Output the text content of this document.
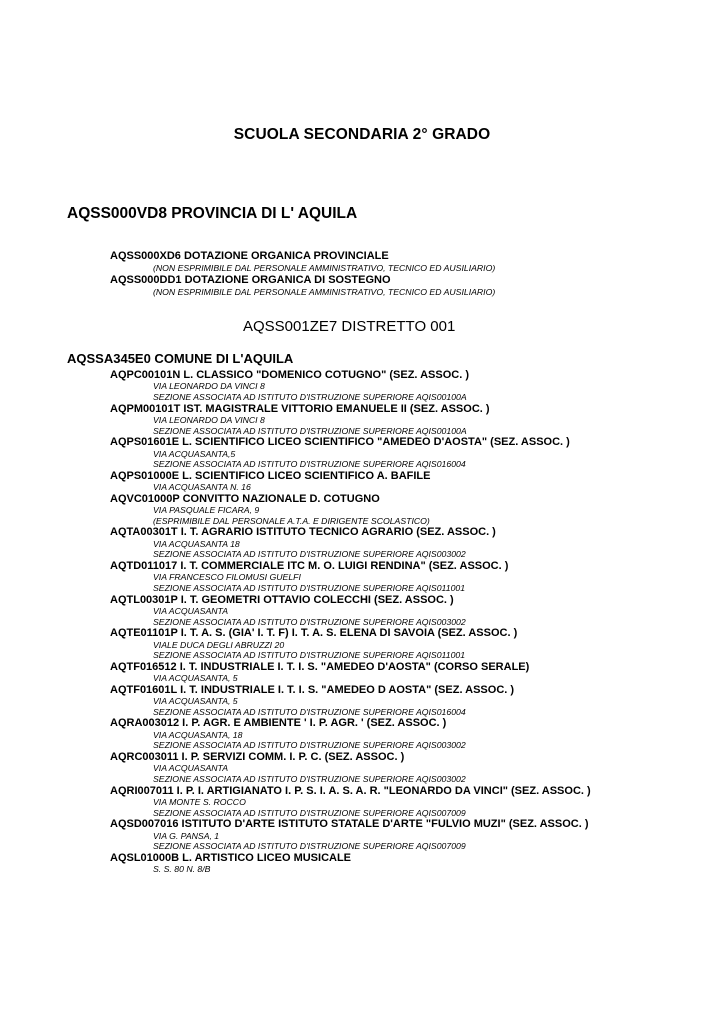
SCUOLA SECONDARIA 2° GRADO
AQSS000VD8 PROVINCIA DI L' AQUILA
AQSS000XD6 DOTAZIONE ORGANICA PROVINCIALE
(NON ESPRIMIBILE DAL PERSONALE AMMINISTRATIVO, TECNICO ED AUSILIARIO)
AQSS000DD1 DOTAZIONE ORGANICA DI SOSTEGNO
(NON ESPRIMIBILE DAL PERSONALE AMMINISTRATIVO, TECNICO ED AUSILIARIO)
AQSS001ZE7 DISTRETTO 001
AQSSA345E0 COMUNE DI L'AQUILA
AQPC00101N L. CLASSICO "DOMENICO COTUGNO" (SEZ. ASSOC. )
VIA LEONARDO DA VINCI 8
SEZIONE ASSOCIATA AD ISTITUTO D'ISTRUZIONE SUPERIORE AQIS00100A
AQPM00101T IST. MAGISTRALE VITTORIO EMANUELE II (SEZ. ASSOC. )
VIA LEONARDO DA VINCI 8
SEZIONE ASSOCIATA AD ISTITUTO D'ISTRUZIONE SUPERIORE AQIS00100A
AQPS01601E L. SCIENTIFICO LICEO SCIENTIFICO "AMEDEO D'AOSTA" (SEZ. ASSOC. )
VIA ACQUASANTA,5
SEZIONE ASSOCIATA AD ISTITUTO D'ISTRUZIONE SUPERIORE AQIS016004
AQPS01000E L. SCIENTIFICO LICEO SCIENTIFICO A. BAFILE
VIA ACQUASANTA N. 16
AQVC01000P CONVITTO NAZIONALE D. COTUGNO
VIA PASQUALE FICARA, 9
(ESPRIMIBILE DAL PERSONALE A.T.A. E DIRIGENTE SCOLASTICO)
AQTA00301T I. T. AGRARIO ISTITUTO TECNICO AGRARIO (SEZ. ASSOC. )
VIA ACQUASANTA 18
SEZIONE ASSOCIATA AD ISTITUTO D'ISTRUZIONE SUPERIORE AQIS003002
AQTD011017 I. T. COMMERCIALE ITC M. O. LUIGI RENDINA" (SEZ. ASSOC. )
VIA FRANCESCO FILOMUSI GUELFI
SEZIONE ASSOCIATA AD ISTITUTO D'ISTRUZIONE SUPERIORE AQIS011001
AQTL00301P I. T. GEOMETRI OTTAVIO COLECCHI (SEZ. ASSOC. )
VIA ACQUASANTA
SEZIONE ASSOCIATA AD ISTITUTO D'ISTRUZIONE SUPERIORE AQIS003002
AQTE01101P I. T. A. S. (GIA' I. T. F) I. T. A. S. ELENA DI SAVOIA (SEZ. ASSOC. )
VIALE DUCA DEGLI ABRUZZI 20
SEZIONE ASSOCIATA AD ISTITUTO D'ISTRUZIONE SUPERIORE AQIS011001
AQTF016512 I. T. INDUSTRIALE I. T. I. S. "AMEDEO D'AOSTA" (CORSO SERALE)
VIA ACQUASANTA, 5
AQTF01601L I. T. INDUSTRIALE I. T. I. S. "AMEDEO D AOSTA" (SEZ. ASSOC. )
VIA ACQUASANTA, 5
SEZIONE ASSOCIATA AD ISTITUTO D'ISTRUZIONE SUPERIORE AQIS016004
AQRA003012 I. P. AGR. E AMBIENTE ' I. P. AGR. ' (SEZ. ASSOC. )
VIA ACQUASANTA, 18
SEZIONE ASSOCIATA AD ISTITUTO D'ISTRUZIONE SUPERIORE AQIS003002
AQRC003011 I. P. SERVIZI COMM. I. P. C. (SEZ. ASSOC. )
VIA ACQUASANTA
SEZIONE ASSOCIATA AD ISTITUTO D'ISTRUZIONE SUPERIORE AQIS003002
AQRI007011 I. P. I. ARTIGIANATO I. P. S. I. A. S. A. R. "LEONARDO DA VINCI" (SEZ. ASSOC. )
VIA MONTE S. ROCCO
SEZIONE ASSOCIATA AD ISTITUTO D'ISTRUZIONE SUPERIORE AQIS007009
AQSD007016 ISTITUTO D'ARTE ISTITUTO STATALE D'ARTE "FULVIO MUZI" (SEZ. ASSOC. )
VIA G. PANSA, 1
SEZIONE ASSOCIATA AD ISTITUTO D'ISTRUZIONE SUPERIORE AQIS007009
AQSL01000B L. ARTISTICO LICEO MUSICALE
S. S. 80 N. 8/B
